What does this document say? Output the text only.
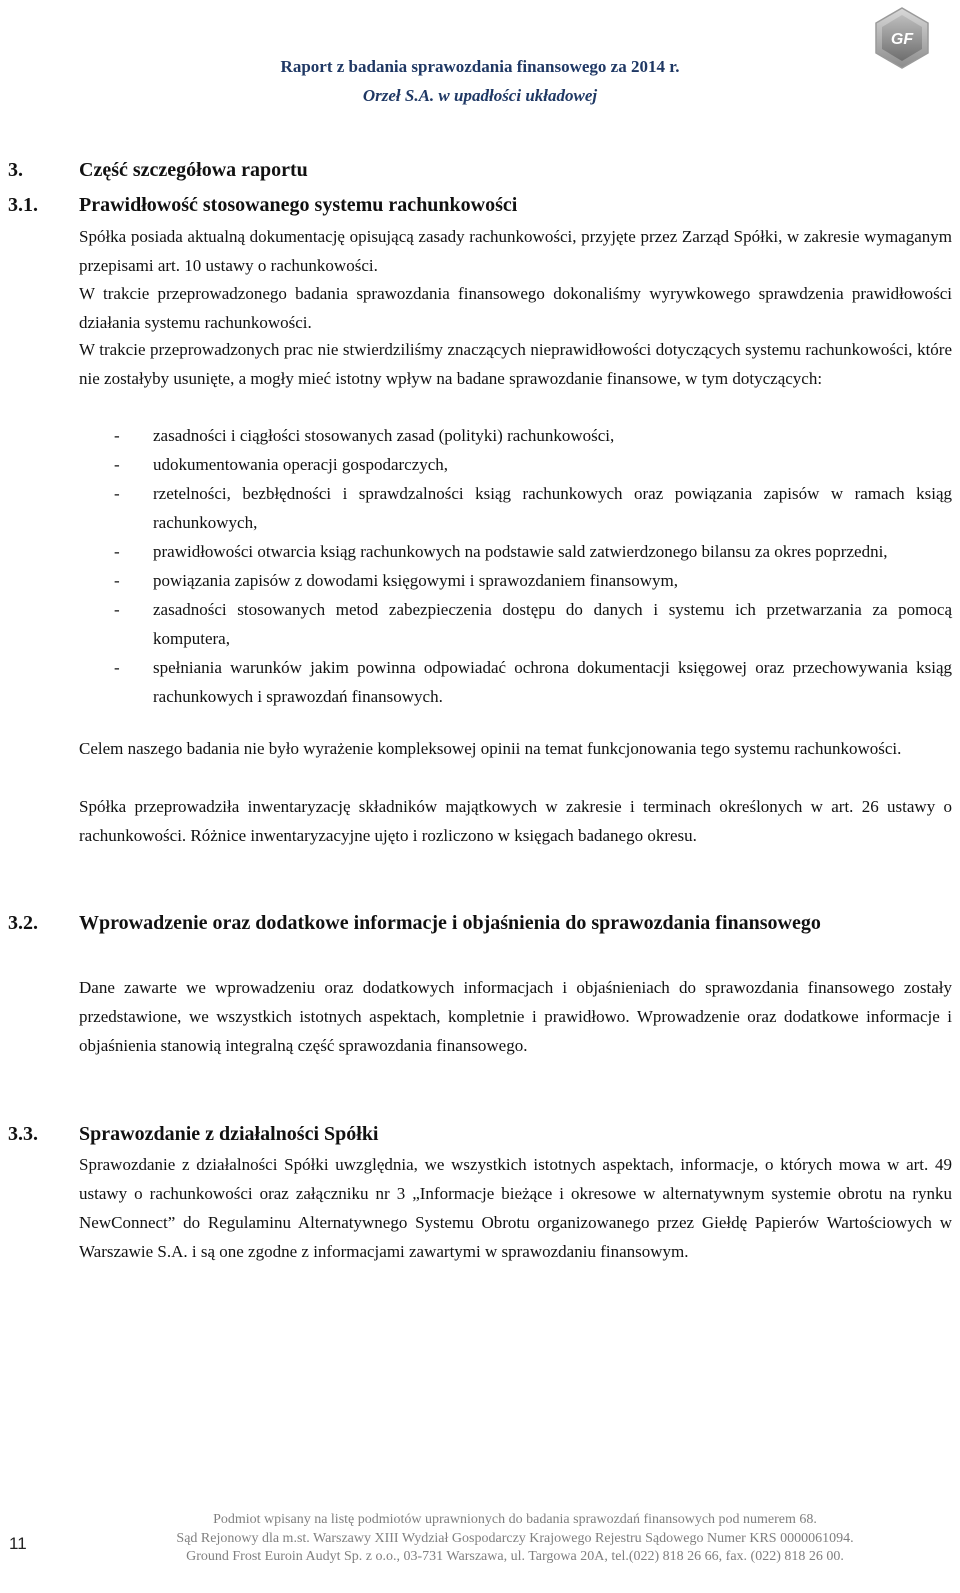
GF
Raport z badania sprawozdania finansowego za 2014 r.
Orzeł S.A. w upadłości układowej
3.	Część szczegółowa raportu
3.1. Prawidłowość stosowanego systemu rachunkowości
Spółka posiada aktualną dokumentację opisującą zasady rachunkowości, przyjęte przez Zarząd Spółki, w zakresie wymaganym przepisami art. 10 ustawy o rachunkowości.
W trakcie przeprowadzonego badania sprawozdania finansowego dokonaliśmy wyrywkowego sprawdzenia prawidłowości działania systemu rachunkowości.
W trakcie przeprowadzonych prac nie stwierdziliśmy znaczących nieprawidłowości dotyczących systemu rachunkowości, które nie zostałyby usunięte, a mogły mieć istotny wpływ na badane sprawozdanie finansowe, w tym dotyczących:
- zasadności i ciągłości stosowanych zasad (polityki) rachunkowości,
- udokumentowania operacji gospodarczych,
- rzetelności, bezbłędności i sprawdzalności ksiąg rachunkowych oraz powiązania zapisów w ramach ksiąg rachunkowych,
- prawidłowości otwarcia ksiąg rachunkowych na podstawie sald zatwierdzonego bilansu za okres poprzedni,
- powiązania zapisów z dowodami księgowymi i sprawozdaniem finansowym,
- zasadności stosowanych metod zabezpieczenia dostępu do danych i systemu ich przetwarzania za pomocą komputera,
- spełniania warunków jakim powinna odpowiadać ochrona dokumentacji księgowej oraz przechowywania ksiąg rachunkowych i sprawozdań finansowych.
Celem naszego badania nie było wyrażenie kompleksowej opinii na temat funkcjonowania tego systemu rachunkowości.
Spółka przeprowadziła inwentaryzację składników majątkowych w zakresie i terminach określonych w art. 26 ustawy o rachunkowości. Różnice inwentaryzacyjne ujęto i rozliczono w księgach badanego okresu.
3.2. Wprowadzenie oraz dodatkowe informacje i objaśnienia do sprawozdania finansowego
Dane zawarte we wprowadzeniu oraz dodatkowych informacjach i objaśnieniach do sprawozdania finansowego zostały przedstawione, we wszystkich istotnych aspektach, kompletnie i prawidłowo. Wprowadzenie oraz dodatkowe informacje i objaśnienia stanowią integralną część sprawozdania finansowego.
3.3. Sprawozdanie z działalności Spółki
Sprawozdanie z działalności Spółki uwzględnia, we wszystkich istotnych aspektach, informacje, o których mowa w art. 49 ustawy o rachunkowości oraz załączniku nr 3 „Informacje bieżące i okresowe w alternatywnym systemie obrotu na rynku NewConnect” do Regulaminu Alternatywnego Systemu Obrotu organizowanego przez Giełdę Papierów Wartościowych w Warszawie S.A. i są one zgodne z informacjami zawartymi w sprawozdaniu finansowym.
11
Podmiot wpisany na listę podmiotów uprawnionych do badania sprawozdań finansowych pod numerem 68.
Sąd Rejonowy dla m.st. Warszawy XIII Wydział Gospodarczy Krajowego Rejestru Sądowego Numer KRS 0000061094.
Ground Frost Euroin Audyt Sp. z o.o., 03-731 Warszawa, ul. Targowa 20A, tel.(022) 818 26 66, fax. (022) 818 26 00.
